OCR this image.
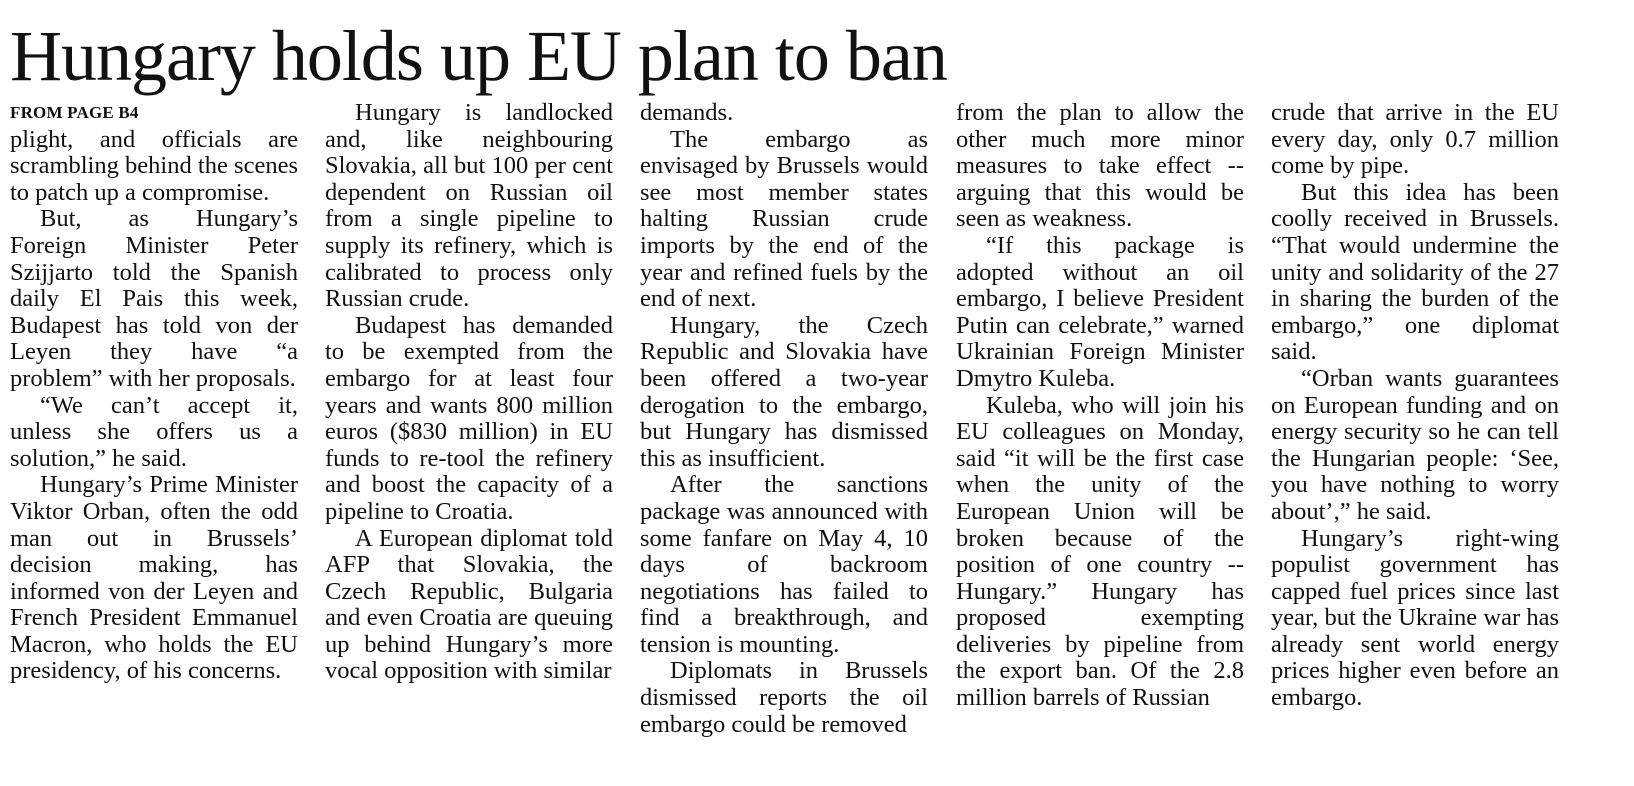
Hungary holds up EU plan to ban
FROM PAGE B4

plight, and officials are scrambling behind the scenes to patch up a compromise.

But, as Hungary’s Foreign Minister Peter Szijjarto told the Spanish daily El Pais this week, Budapest has told von der Leyen they have “a problem” with her proposals.

“We can’t accept it, unless she offers us a solution,” he said.

Hungary’s Prime Minister Viktor Orban, often the odd man out in Brussels’ decision making, has informed von der Leyen and French President Emmanuel Macron, who holds the EU presidency, of his concerns.

Hungary is landlocked and, like neighbouring Slovakia, all but 100 per cent dependent on Russian oil from a single pipeline to supply its refinery, which is calibrated to process only Russian crude.

Budapest has demanded to be exempted from the embargo for at least four years and wants 800 million euros ($830 million) in EU funds to re-tool the refinery and boost the capacity of a pipeline to Croatia.

A European diplomat told AFP that Slovakia, the Czech Republic, Bulgaria and even Croatia are queuing up behind Hungary’s more vocal opposition with similar

demands.

The embargo as envisaged by Brussels would see most member states halting Russian crude imports by the end of the year and refined fuels by the end of next.

Hungary, the Czech Republic and Slovakia have been offered a two-year derogation to the embargo, but Hungary has dismissed this as insufficient.

After the sanctions package was announced with some fanfare on May 4, 10 days of backroom negotiations has failed to find a breakthrough, and tension is mounting.

Diplomats in Brussels dismissed reports the oil embargo could be removed

from the plan to allow the other much more minor measures to take effect -- arguing that this would be seen as weakness.

“If this package is adopted without an oil embargo, I believe President Putin can celebrate,” warned Ukrainian Foreign Minister Dmytro Kuleba.

Kuleba, who will join his EU colleagues on Monday, said “it will be the first case when the unity of the European Union will be broken because of the position of one country -- Hungary.” Hungary has proposed exempting deliveries by pipeline from the export ban. Of the 2.8 million barrels of Russian

crude that arrive in the EU every day, only 0.7 million come by pipe.

But this idea has been coolly received in Brussels. “That would undermine the unity and solidarity of the 27 in sharing the burden of the embargo,” one diplomat said.

“Orban wants guarantees on European funding and on energy security so he can tell the Hungarian people: ‘See, you have nothing to worry about’,” he said.

Hungary’s right-wing populist government has capped fuel prices since last year, but the Ukraine war has already sent world energy prices higher even before an embargo.
